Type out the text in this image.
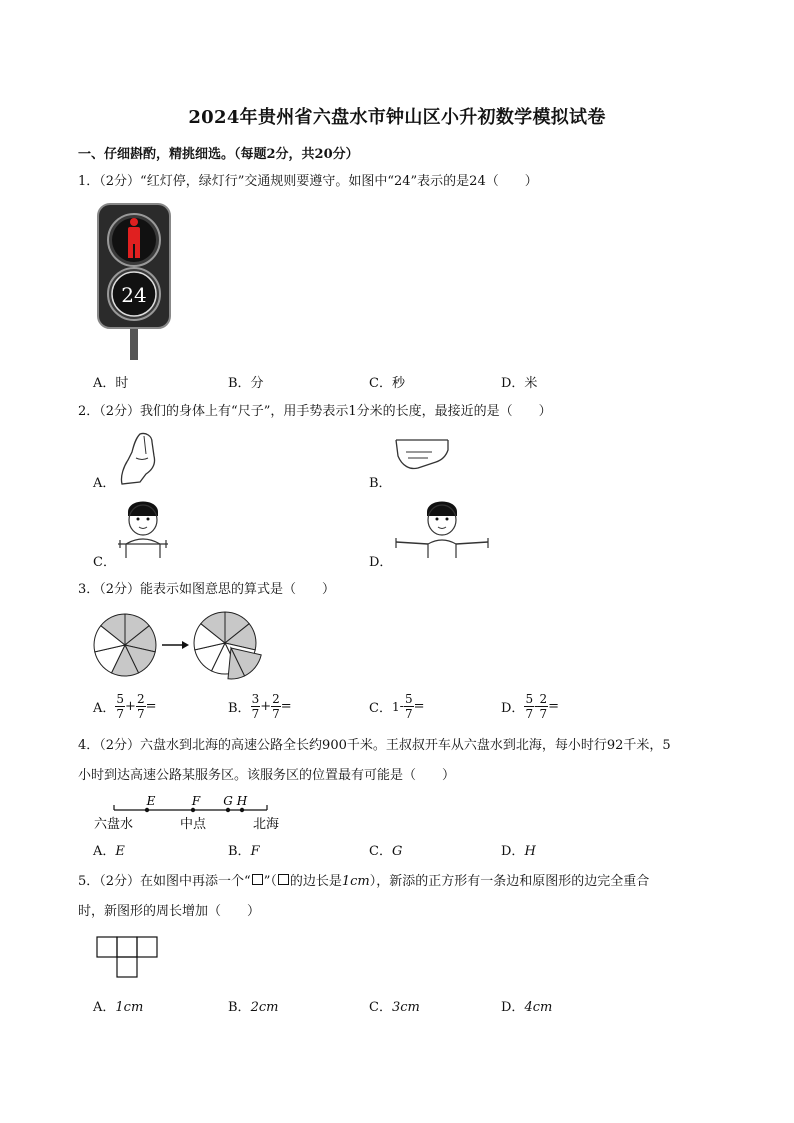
2024年贵州省六盘水市钟山区小升初数学模拟试卷
一、仔细斟酌，精挑细选。（每题2分，共20分）
1．（2分）“红灯停，绿灯行”交通规则要遵守。如图中“24”表示的是24（　　）
24
A．时	B．分	C．秒	D．米
2．（2分）我们的身体上有“尺子”，用手势表示1分米的长度，最接近的是（　　）
A．	B．
C．	D．
3．（2分）能表示如图意思的算式是（　　）
A． $\frac{5}{7} + \frac{2}{7}$ =	B． $\frac{3}{7} + \frac{2}{7}$ =	C． $1 - \frac{5}{7}$ =	D． $\frac{5}{7} - \frac{2}{7}$ =
4．（2分）六盘水到北海的高速公路全长约900千米。王叔叔开车从六盘水到北海，每小时行92千米，5
小时到达高速公路某服务区。该服务区的位置最有可能是（　　）
E	F G H
六盘水	中点	北海
A．E	B．F	C．G	D．H
5．（2分）在如图中再添一个“ ”（ 的边长是1cm），新添的正方形有一条边和原图形的边完全重合
时，新图形的周长增加（　　）
A．1cm	B．2cm	C．3cm	D．4cm
